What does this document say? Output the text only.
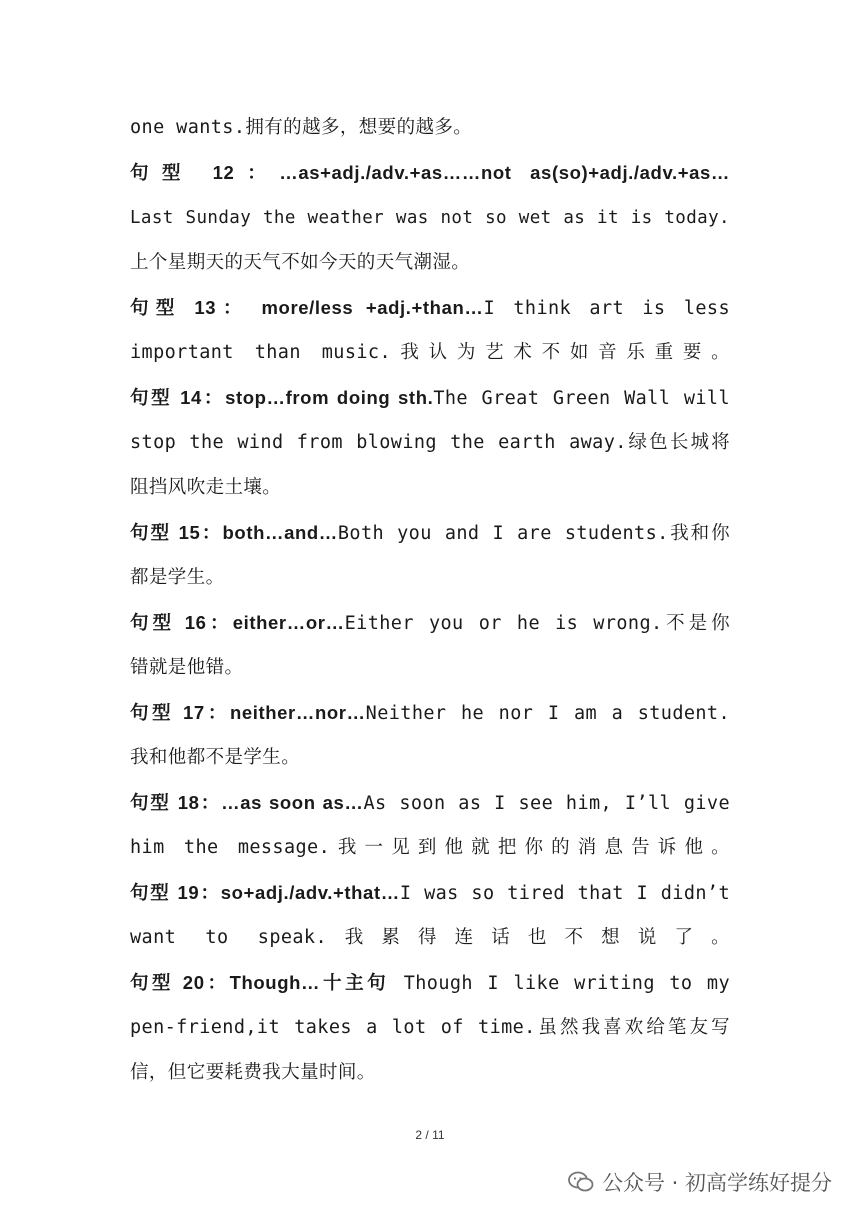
one wants.拥有的越多，想要的越多。
句型 12：…as+adj./adv.+as……not as(so)+adj./adv.+as…
Last Sunday the weather was not so wet as it is today.
上个星期天的天气不如今天的天气潮湿。
句型 13： more/less +adj.+than…I think art is less
important than music.我认为艺术不如音乐重要。
句型 14：stop…from doing sth.The Great Green Wall will
stop the wind from blowing the earth away.绿色长城将
阻挡风吹走土壤。
句型 15：both…and…Both you and I are students.我和你
都是学生。
句型 16：either…or…Either you or he is wrong.不是你
错就是他错。
句型 17：neither…nor…Neither he nor I am a student.
我和他都不是学生。
句型 18：…as soon as…As soon as I see him, I’ll give
him the message.我一见到他就把你的消息告诉他。
句型 19：so+adj./adv.+that…I was so tired that I didn’t
want to speak.我累得连话也不想说了。
句型 20：Though…十主句 Though I like writing to my
pen-friend,it takes a lot of time.虽然我喜欢给笔友写
信，但它要耗费我大量时间。
2 / 11
公众号 · 初高学练好提分
